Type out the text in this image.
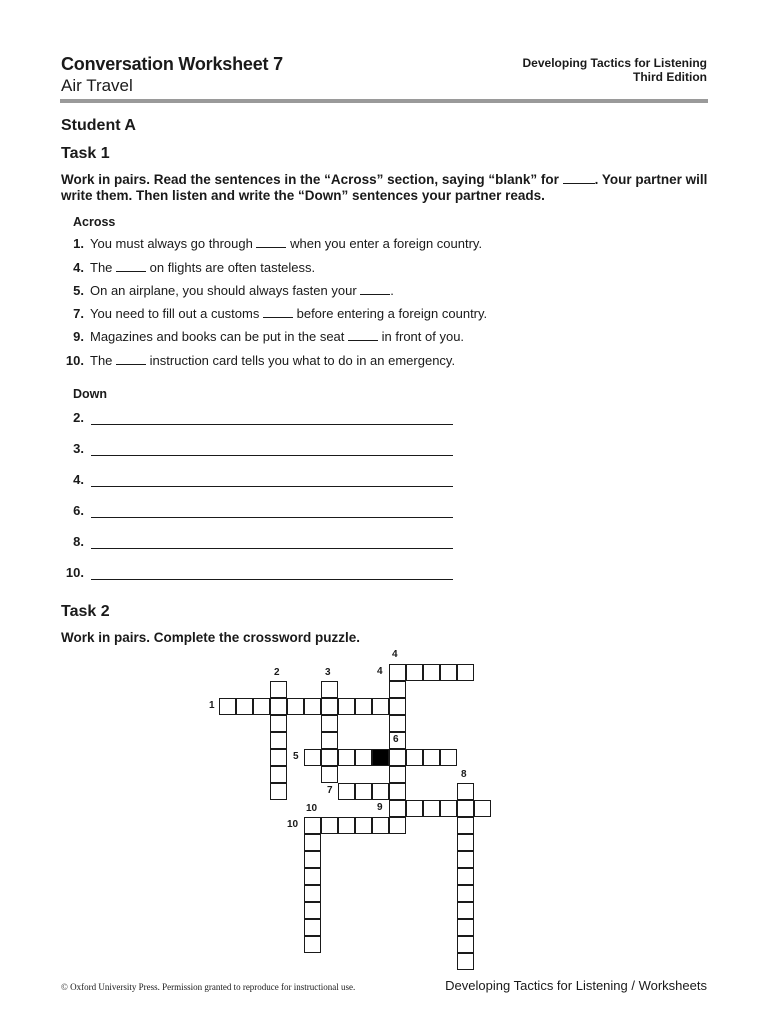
Conversation Worksheet 7
Air Travel
Developing Tactics for Listening
Third Edition
Student A
Task 1
Work in pairs. Read the sentences in the “Across” section, saying “blank” for	. Your partner will
write them. Then listen and write the “Down” sentences your partner reads.
Across
1. You must always go through	when you enter a foreign country.
4. The	on flights are often tasteless.
5. On an airplane, you should always fasten your	.
7. You need to fill out a customs	before entering a foreign country.
9. Magazines and books can be put in the seat	in front of you.
10. The	instruction card tells you what to do in an emergency.
Down
2.
3.
4.
6.
8.
10.
Task 2
Work in pairs. Complete the crossword puzzle.
4
2	3	4
1
6
5
8
7
10	9
10
© Oxford University Press. Permission granted to reproduce for instructional use.	Developing Tactics for Listening / Worksheets
